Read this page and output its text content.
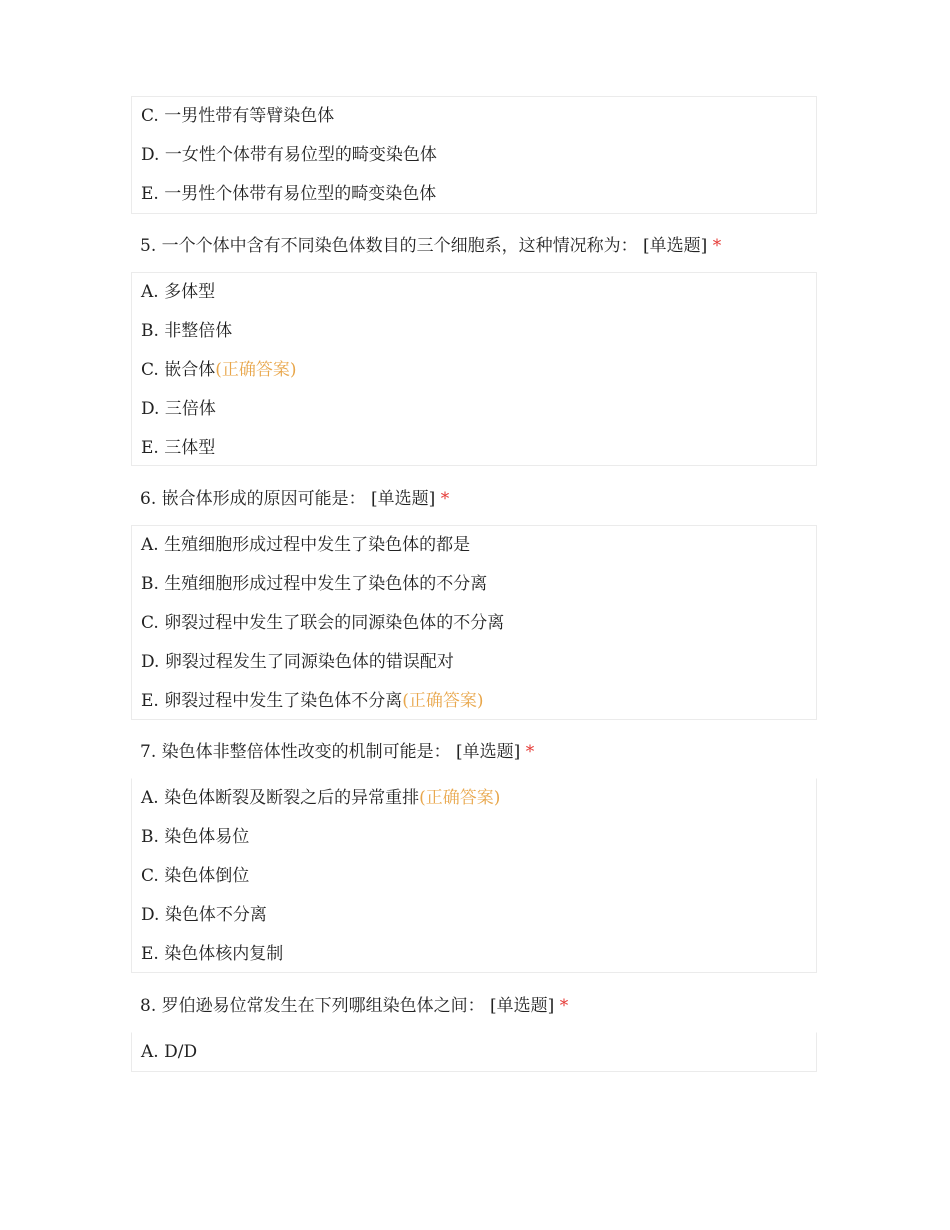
C. 一男性带有等臂染色体
D. 一女性个体带有易位型的畸变染色体
E. 一男性个体带有易位型的畸变染色体
5. 一个个体中含有不同染色体数目的三个细胞系，这种情况称为： [单选题] *
A. 多体型
B. 非整倍体
C. 嵌合体(正确答案)
D. 三倍体
E. 三体型
6. 嵌合体形成的原因可能是： [单选题] *
A. 生殖细胞形成过程中发生了染色体的都是
B. 生殖细胞形成过程中发生了染色体的不分离
C. 卵裂过程中发生了联会的同源染色体的不分离
D. 卵裂过程发生了同源染色体的错误配对
E. 卵裂过程中发生了染色体不分离(正确答案)
7. 染色体非整倍体性改变的机制可能是： [单选题] *
A. 染色体断裂及断裂之后的异常重排(正确答案)
B. 染色体易位
C. 染色体倒位
D. 染色体不分离
E. 染色体核内复制
8. 罗伯逊易位常发生在下列哪组染色体之间： [单选题] *
A. D/D
